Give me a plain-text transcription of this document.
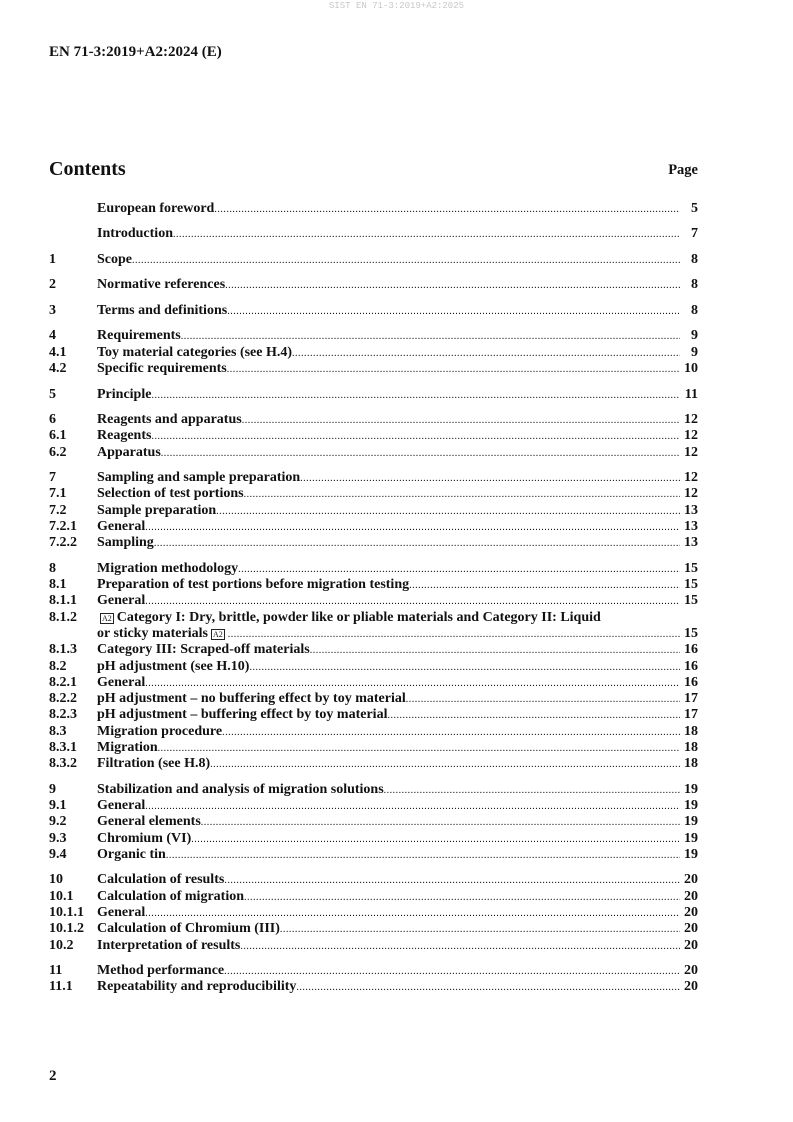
SIST EN 71-3:2019+A2:2025
EN 71-3:2019+A2:2024 (E)
Contents	Page
European foreword .....	5
Introduction .....	7
1	Scope .....	8
2	Normative references .....	8
3	Terms and definitions .....	8
4	Requirements .....	9
4.1	Toy material categories (see H.4) .....	9
4.2	Specific requirements .....	10
5	Principle .....	11
6	Reagents and apparatus .....	12
6.1	Reagents .....	12
6.2	Apparatus .....	12
7	Sampling and sample preparation .....	12
7.1	Selection of test portions .....	12
7.2	Sample preparation .....	13
7.2.1	General .....	13
7.2.2	Sampling .....	13
8	Migration methodology .....	15
8.1	Preparation of test portions before migration testing .....	15
8.1.1	General .....	15
8.1.2	A2 Category I: Dry, brittle, powder like or pliable materials and Category II: Liquid
or sticky materials A2 .....	15
8.1.3	Category III: Scraped-off materials .....	16
8.2	pH adjustment (see H.10) .....	16
8.2.1	General .....	16
8.2.2	pH adjustment – no buffering effect by toy material .....	17
8.2.3	pH adjustment – buffering effect by toy material .....	17
8.3	Migration procedure .....	18
8.3.1	Migration .....	18
8.3.2	Filtration (see H.8) .....	18
9	Stabilization and analysis of migration solutions .....	19
9.1	General .....	19
9.2	General elements .....	19
9.3	Chromium (VI) .....	19
9.4	Organic tin .....	19
10	Calculation of results .....	20
10.1	Calculation of migration .....	20
10.1.1 General .....	20
10.1.2 Calculation of Chromium (III) .....	20
10.2	Interpretation of results .....	20
11	Method performance .....	20
11.1	Repeatability and reproducibility .....	20
2
